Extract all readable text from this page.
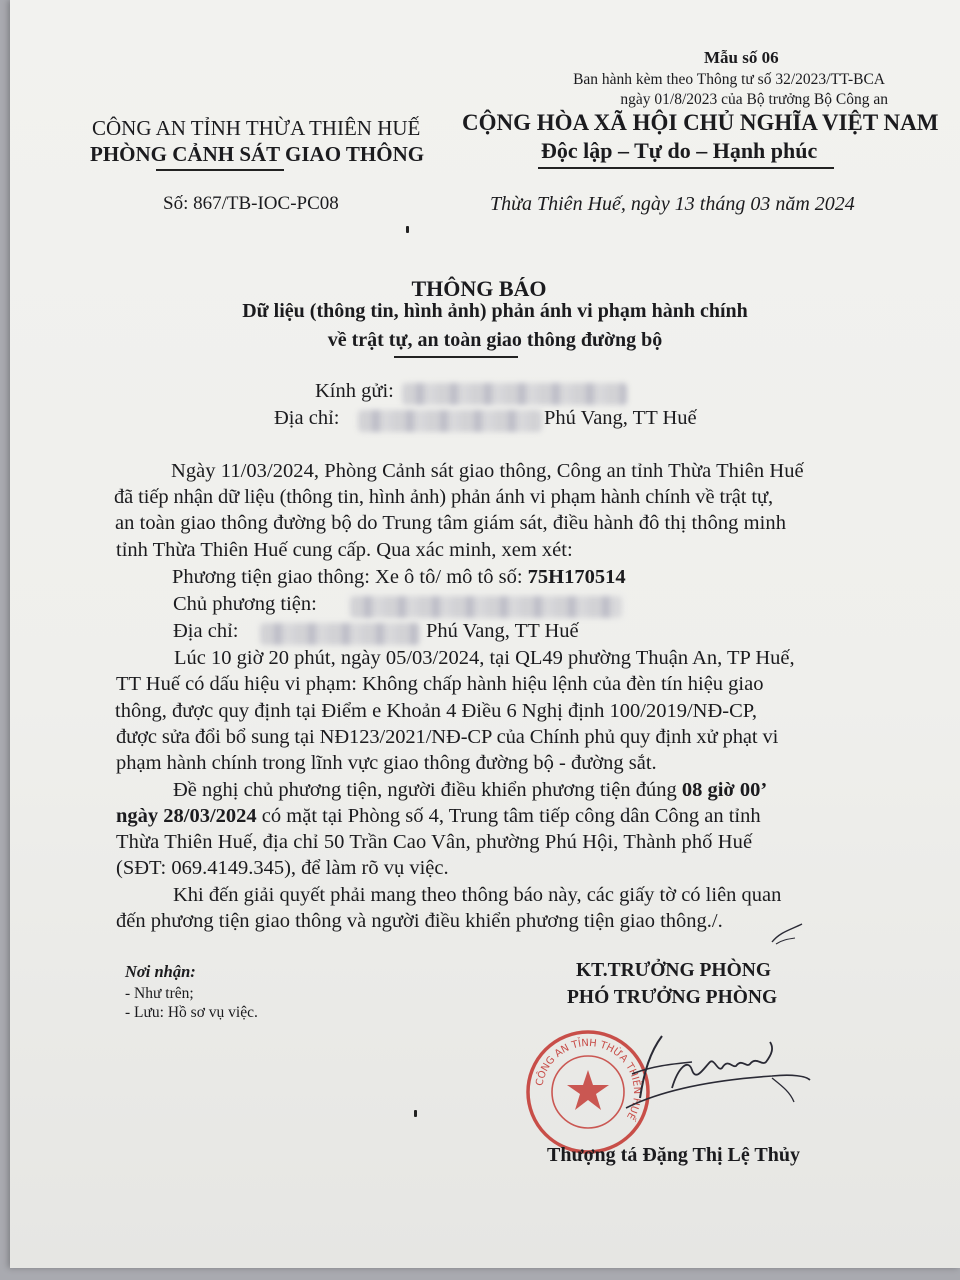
Mẫu số 06
Ban hành kèm theo Thông tư số 32/2023/TT-BCA
ngày 01/8/2023 của Bộ trưởng Bộ Công an
CÔNG AN TỈNH THỪA THIÊN HUẾ
PHÒNG CẢNH SÁT GIAO THÔNG
Số: 867/TB-IOC-PC08
CỘNG HÒA XÃ HỘI CHỦ NGHĨA VIỆT NAM
Độc lập – Tự do – Hạnh phúc
Thừa Thiên Huế, ngày 13 tháng 03 năm 2024
THÔNG BÁO
Dữ liệu (thông tin, hình ảnh) phản ánh vi phạm hành chính
về trật tự, an toàn giao thông đường bộ
Kính gửi:
Địa chỉ:	Phú Vang, TT Huế
Ngày 11/03/2024, Phòng Cảnh sát giao thông, Công an tỉnh Thừa Thiên Huế
đã tiếp nhận dữ liệu (thông tin, hình ảnh) phản ánh vi phạm hành chính về trật tự,
an toàn giao thông đường bộ do Trung tâm giám sát, điều hành đô thị thông minh
tỉnh Thừa Thiên Huế cung cấp. Qua xác minh, xem xét:
Phương tiện giao thông: Xe ô tô/ mô tô số: 75H170514
Chủ phương tiện:
Địa chỉ:	Phú Vang, TT Huế
Lúc 10 giờ 20 phút, ngày 05/03/2024, tại QL49 phường Thuận An, TP Huế,
TT Huế có dấu hiệu vi phạm: Không chấp hành hiệu lệnh của đèn tín hiệu giao
thông, được quy định tại Điểm e Khoản 4 Điều 6 Nghị định 100/2019/NĐ-CP,
được sửa đổi bổ sung tại NĐ123/2021/NĐ-CP của Chính phủ quy định xử phạt vi
phạm hành chính trong lĩnh vực giao thông đường bộ - đường sắt.
Đề nghị chủ phương tiện, người điều khiển phương tiện đúng 08 giờ 00’
ngày 28/03/2024 có mặt tại Phòng số 4, Trung tâm tiếp công dân Công an tỉnh
Thừa Thiên Huế, địa chỉ 50 Trần Cao Vân, phường Phú Hội, Thành phố Huế
(SĐT: 069.4149.345), để làm rõ vụ việc.
Khi đến giải quyết phải mang theo thông báo này, các giấy tờ có liên quan
đến phương tiện giao thông và người điều khiển phương tiện giao thông./.
Nơi nhận:
- Như trên;
- Lưu: Hồ sơ vụ việc.
KT.TRƯỞNG PHÒNG
PHÓ TRƯỞNG PHÒNG
CÔNG AN TỈNH THỪA THIÊN HUẾ
Thượng tá Đặng Thị Lệ Thủy
